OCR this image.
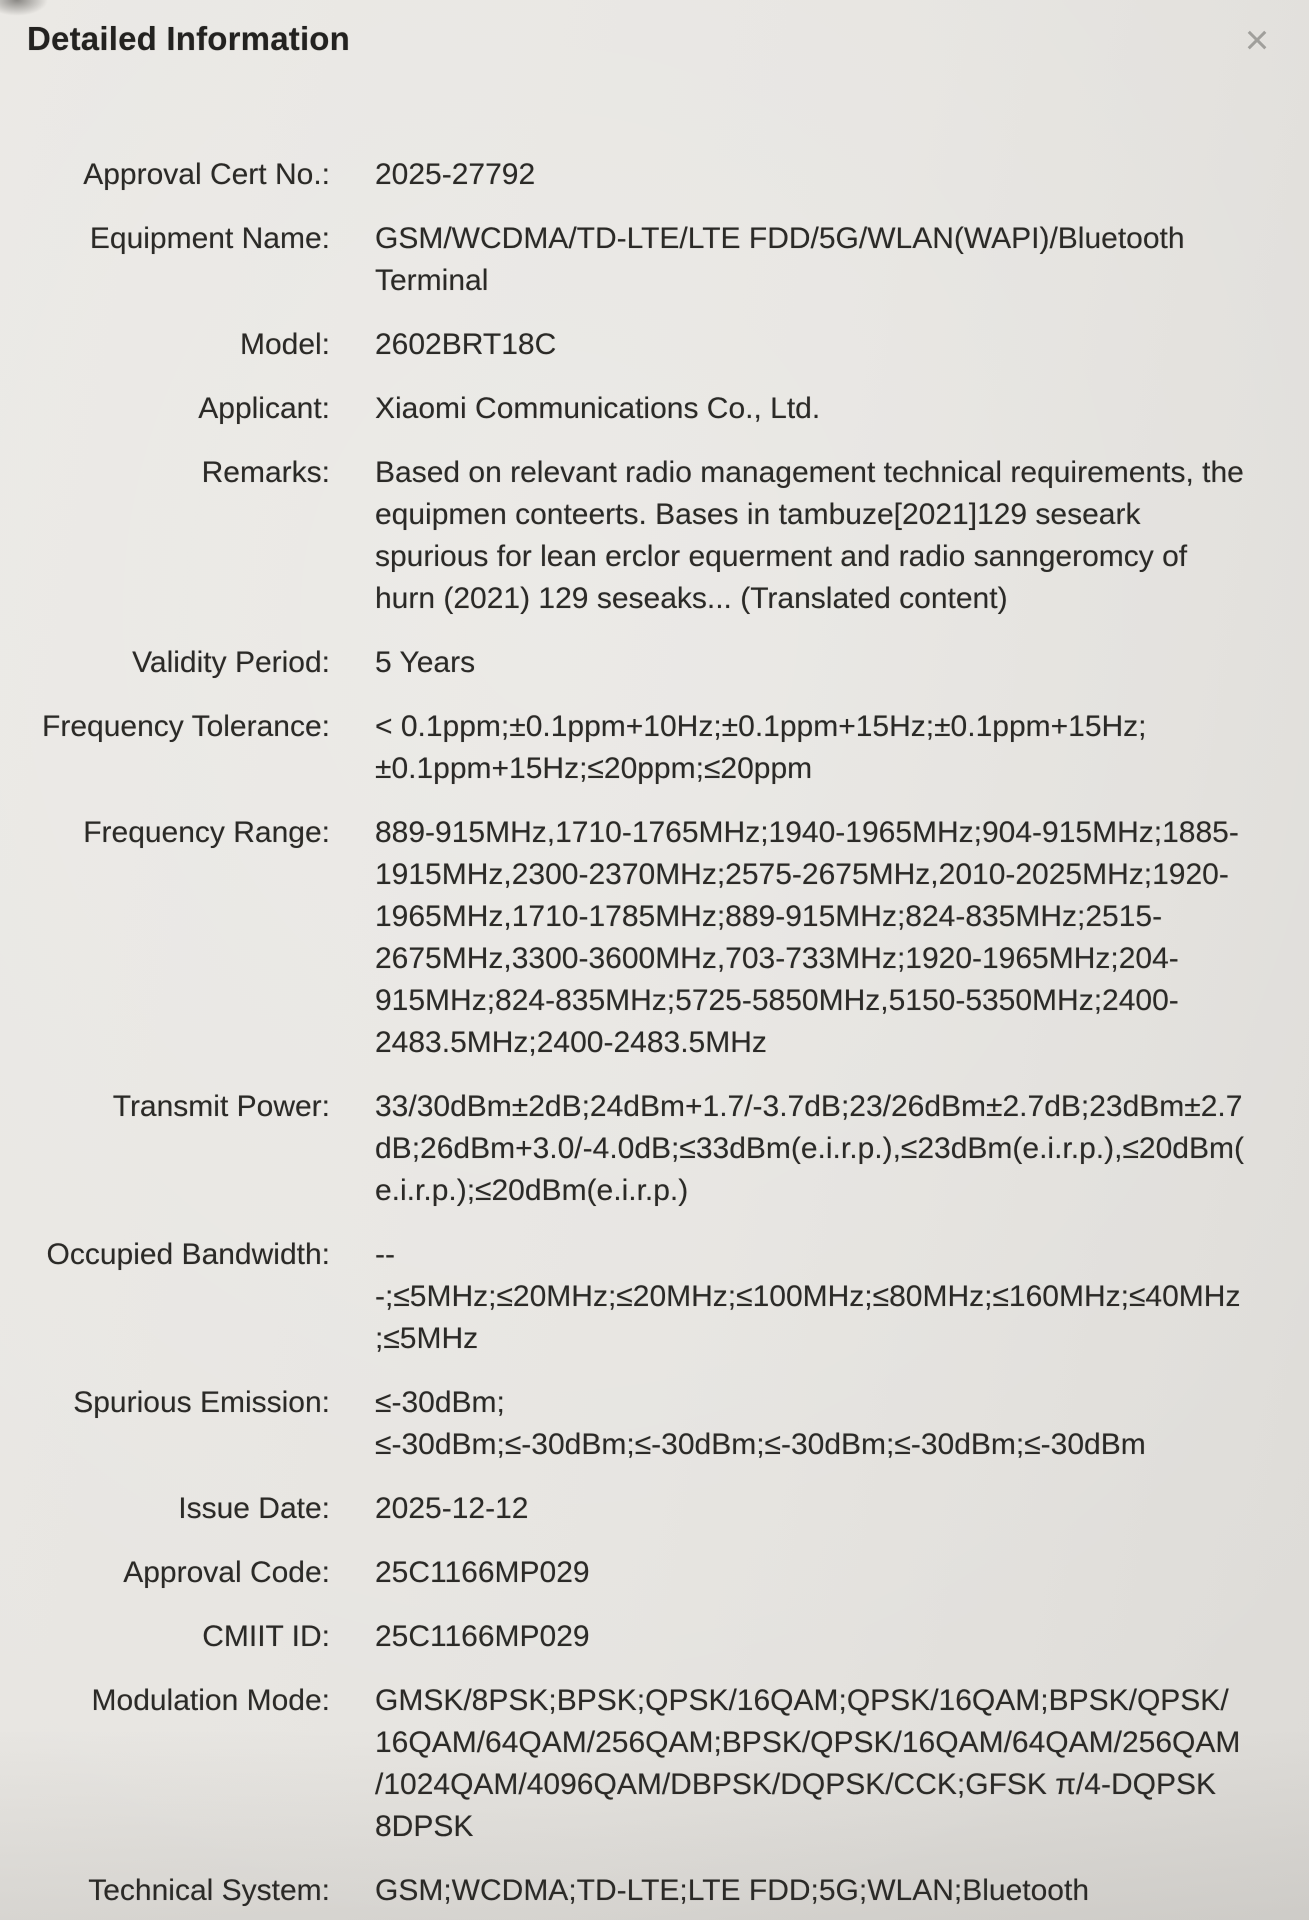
Detailed Information	×
Approval Cert No.: 2025-27792
Equipment Name: GSM/WCDMA/TD-LTE/LTE FDD/5G/WLAN(WAPI)/Bluetooth Terminal
Model: 2602BRT18C
Applicant: Xiaomi Communications Co., Ltd.
Remarks: Based on relevant radio management technical requirements, the equipmen conteerts. Bases in tambuze[2021]129 seseark spurious for lean erclor equerment and radio sanngeromcy of hurn (2021) 129 seseaks... (Translated content)
Validity Period: 5 Years
Frequency Tolerance: < 0.1ppm;±0.1ppm+10Hz;±0.1ppm+15Hz;±0.1ppm+15Hz;±0.1ppm+15Hz;≤20ppm;≤20ppm
Frequency Range: 889-915MHz,1710-1765MHz;1940-1965MHz;904-915MHz;1885-1915MHz,2300-2370MHz;2575-2675MHz,2010-2025MHz;1920-1965MHz,1710-1785MHz;889-915MHz;824-835MHz;2515-2675MHz,3300-3600MHz,703-733MHz;1920-1965MHz;204-915MHz;824-835MHz;5725-5850MHz,5150-5350MHz;2400-2483.5MHz;2400-2483.5MHz
Transmit Power: 33/30dBm±2dB;24dBm+1.7/-3.7dB;23/26dBm±2.7dB;23dBm±2.7dB;26dBm+3.0/-4.0dB;≤33dBm(e.i.r.p.),≤23dBm(e.i.r.p.),≤20dBm(e.i.r.p.);≤20dBm(e.i.r.p.)
Occupied Bandwidth: ---;≤5MHz;≤20MHz;≤20MHz;≤100MHz;≤80MHz;≤160MHz;≤40MHz;≤5MHz
Spurious Emission: ≤-30dBm; ≤-30dBm;≤-30dBm;≤-30dBm;≤-30dBm;≤-30dBm;≤-30dBm
Issue Date: 2025-12-12
Approval Code: 25C1166MP029
CMIIT ID: 25C1166MP029
Modulation Mode: GMSK/8PSK;BPSK;QPSK/16QAM;QPSK/16QAM;BPSK/QPSK/16QAM/64QAM/256QAM;BPSK/QPSK/16QAM/64QAM/256QAM/1024QAM/4096QAM/DBPSK/DQPSK/CCK;GFSK π/4-DQPSK 8DPSK
Technical System: GSM;WCDMA;TD-LTE;LTE FDD;5G;WLAN;Bluetooth
